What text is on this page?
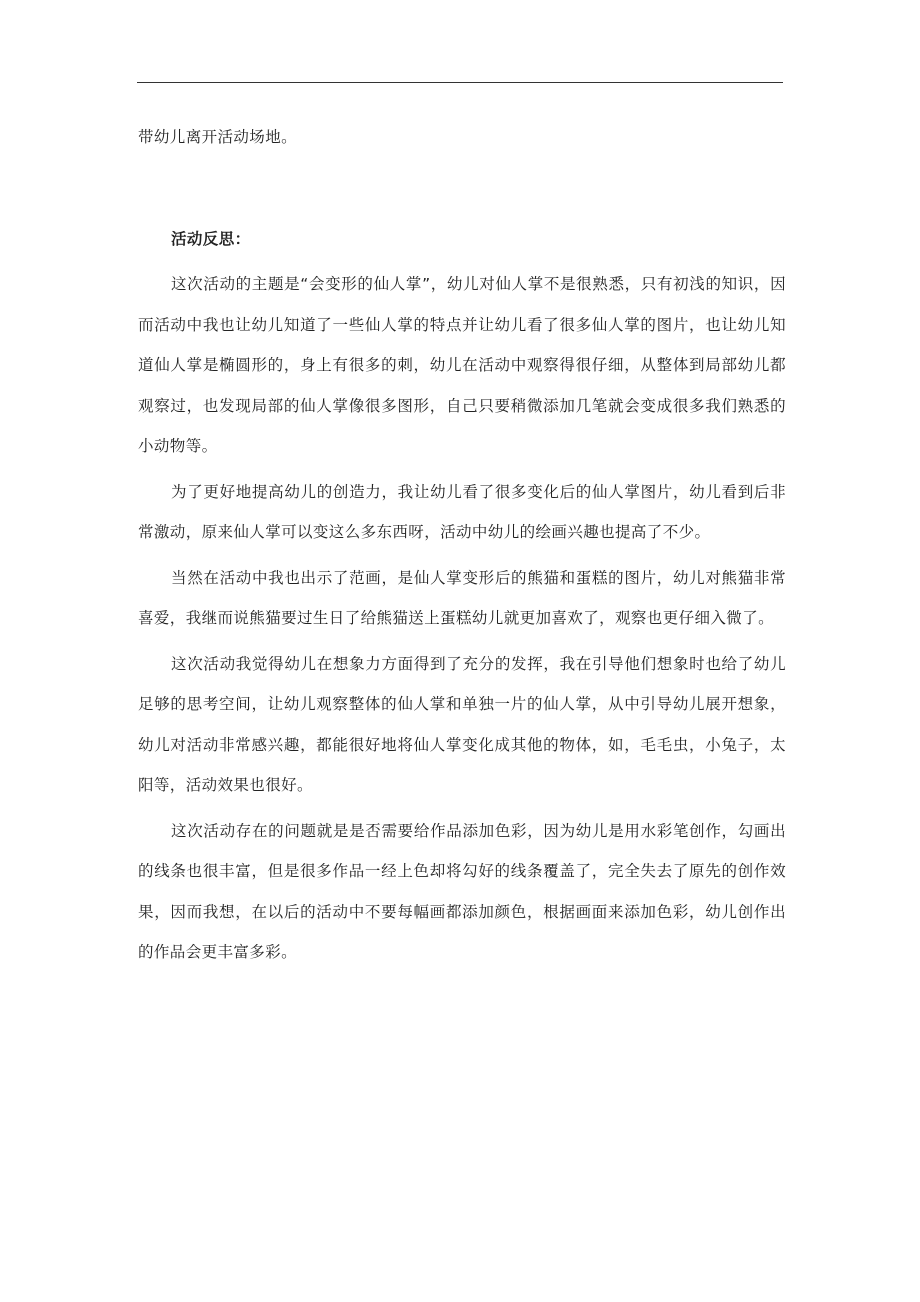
带幼儿离开活动场地。

活动反思：

这次活动的主题是“会变形的仙人掌”，幼儿对仙人掌不是很熟悉，只有初浅的知识，因而活动中我也让幼儿知道了一些仙人掌的特点并让幼儿看了很多仙人掌的图片，也让幼儿知道仙人掌是椭圆形的，身上有很多的刺，幼儿在活动中观察得很仔细，从整体到局部幼儿都观察过，也发现局部的仙人掌像很多图形，自己只要稍微添加几笔就会变成很多我们熟悉的小动物等。

为了更好地提高幼儿的创造力，我让幼儿看了很多变化后的仙人掌图片，幼儿看到后非常激动，原来仙人掌可以变这么多东西呀，活动中幼儿的绘画兴趣也提高了不少。

当然在活动中我也出示了范画，是仙人掌变形后的熊猫和蛋糕的图片，幼儿对熊猫非常喜爱，我继而说熊猫要过生日了给熊猫送上蛋糕幼儿就更加喜欢了，观察也更仔细入微了。

这次活动我觉得幼儿在想象力方面得到了充分的发挥，我在引导他们想象时也给了幼儿足够的思考空间，让幼儿观察整体的仙人掌和单独一片的仙人掌，从中引导幼儿展开想象，幼儿对活动非常感兴趣，都能很好地将仙人掌变化成其他的物体，如，毛毛虫，小兔子，太阳等，活动效果也很好。

这次活动存在的问题就是是否需要给作品添加色彩，因为幼儿是用水彩笔创作，勾画出的线条也很丰富，但是很多作品一经上色却将勾好的线条覆盖了，完全失去了原先的创作效果，因而我想，在以后的活动中不要每幅画都添加颜色，根据画面来添加色彩，幼儿创作出的作品会更丰富多彩。
